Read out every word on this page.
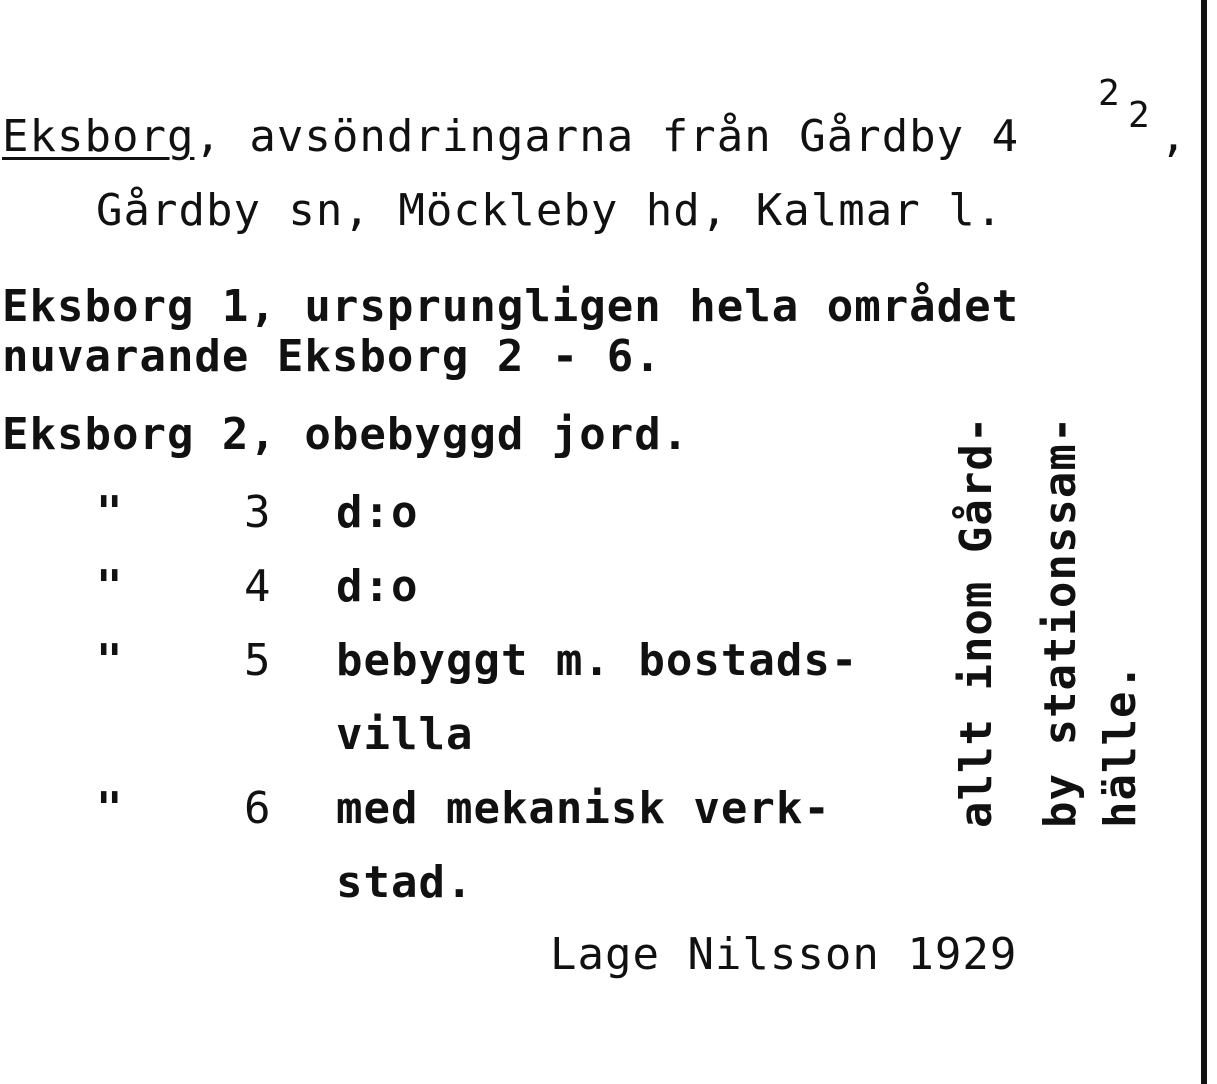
Eksborg, avsöndringarna från Gårdby 4
2
2 ,
Gårdby sn, Möckleby hd, Kalmar l.
Eksborg 1, ursprungligen hela området
nuvarande Eksborg 2 - 6.
Eksborg 2, obebyggd jord.
"	3 d:o
"	4 d:o
"	5 bebyggt m. bostads-
villa
"	6 med mekanisk verk-
stad.
allt inom Gård- by stationssam- hälle.
Lage Nilsson 1929
